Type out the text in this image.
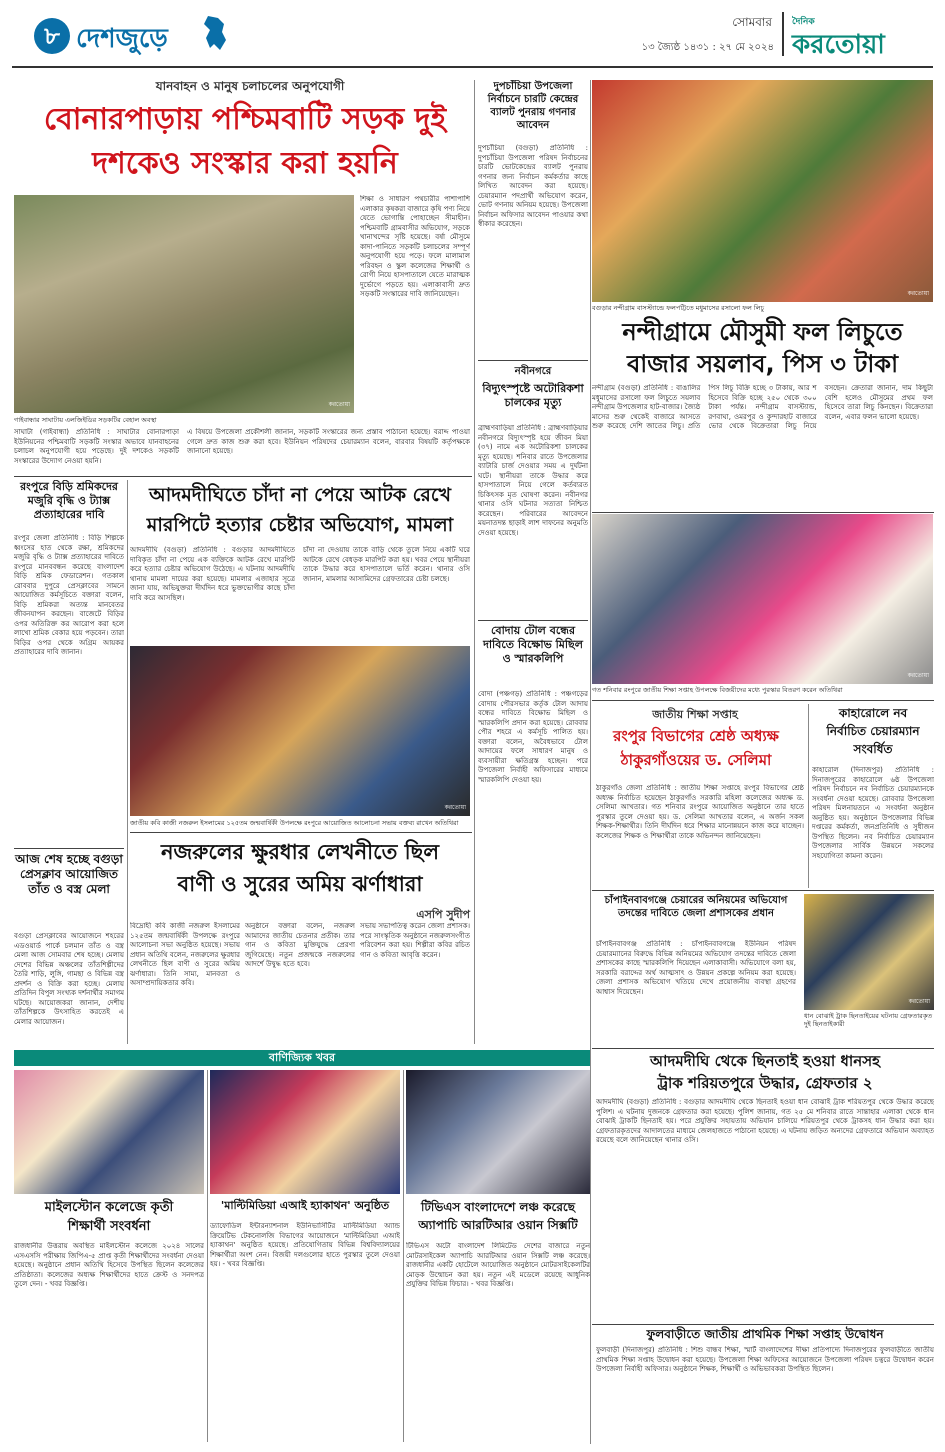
৮ দেশজুড়ে
সোমবার
১৩ জ্যৈষ্ঠ ১৪৩১ : ২৭ মে ২০২৪
দৈনিক
করতোয়া
যানবাহন ও মানুষ চলাচলের অনুপযোগী
বোনারপাড়ায় পশ্চিমবাটি সড়ক দুই
দশকেও সংস্কার করা হয়নি
করতোয়া
গাইবান্ধার সাঘাটায় এলজিইডির সড়কটির বেহাল অবস্থা
সাঘাটা (গাইবান্ধা) প্রতিনিধি : সাঘাটার বোনারপাড়া ইউনিয়নের পশ্চিমবাটি সড়কটি সংস্কার অভাবে যানবাহনের চলাচল অনুপযোগী হয়ে পড়েছে। দুই দশকেও সড়কটি সংস্কারের উদ্যোগ নেওয়া হয়নি।
শিক্ষা ও সাধারণ পথচারীর পাশাপাশি এলাকার কৃষকরা বাজারে কৃষি পণ্য নিয়ে যেতে ভোগান্তি পোহাচ্ছেন সীমাহীন। পশ্চিমবাটি গ্রামবাসীর অভিযোগ, সড়কে খানাখন্দের সৃষ্টি হয়েছে। বর্ষা মৌসুমে কাদা-পানিতে সড়কটি চলাচলের সম্পূর্ণ অনুপযোগী হয়ে পড়ে। ফলে মালামাল পরিবহন ও স্কুল কলেজের শিক্ষার্থী ও রোগী নিয়ে হাসপাতালে যেতে মারাত্মক দুর্ভোগে পড়তে হয়। এলাকাবাসী দ্রুত সড়কটি সংস্কারের দাবি জানিয়েছেন।
এ বিষয়ে উপজেলা প্রকৌশলী জানান, সড়কটি সংস্কারের জন্য প্রস্তাব পাঠানো হয়েছে। বরাদ্দ পাওয়া গেলে দ্রুত কাজ শুরু করা হবে। ইউনিয়ন পরিষদের চেয়ারম্যান বলেন, বারবার বিষয়টি কর্তৃপক্ষকে জানানো হয়েছে।
দুপচাঁচিয়া উপজেলা নির্বাচনে চারটি কেন্দ্রের ব্যালট পুনরায় গণনার আবেদন
দুপচাঁচিয়া (বগুড়া) প্রতিনিধি : দুপচাঁচিয়া উপজেলা পরিষদ নির্বাচনের চারটি ভোটকেন্দ্রের ব্যালট পুনরায় গণনার জন্য নির্বাচন কর্মকর্তার কাছে লিখিত আবেদন করা হয়েছে। চেয়ারম্যান পদপ্রার্থী অভিযোগ করেন, ভোট গণনায় অনিয়ম হয়েছে। উপজেলা নির্বাচন অফিসার আবেদন পাওয়ার কথা স্বীকার করেছেন।
করতোয়া
বগুড়ার নন্দীগ্রাম বাসস্ট্যান্ডে ফলপট্টিতে মধুমাসের রসালো ফল লিচু
নন্দীগ্রামে মৌসুমী ফল লিচুতে
বাজার সয়লাব, পিস ৩ টাকা
নন্দীগ্রাম (বগুড়া) প্রতিনিধি : বাঙালির মধুমাসের রসালো ফল লিচুতে সয়লাব নন্দীগ্রাম উপজেলার হাট-বাজার। জ্যৈষ্ঠ মাসের শুরু থেকেই বাজারে আসতে শুরু করেছে দেশি জাতের লিচু। প্রতি পিস লিচু বিক্রি হচ্ছে ৩ টাকায়, আর শ হিসেবে বিক্রি হচ্ছে ২৫০ থেকে ৩০০ টাকা পর্যন্ত। নন্দীগ্রাম বাসস্ট্যান্ড, রণবাঘা, ওমরপুর ও কুন্দারহাট বাজারে ভোর থেকে বিক্রেতারা লিচু নিয়ে বসছেন। ক্রেতারা জানান, দাম কিছুটা বেশি হলেও মৌসুমের প্রথম ফল হিসেবে তারা লিচু কিনছেন। বিক্রেতারা বলেন, এবার ফলন ভালো হয়েছে।
নবীনগরে
বিদ্যুৎস্পৃষ্টে অটোরিকশা চালকের মৃত্যু
ব্রাহ্মণবাড়িয়া প্রতিনিধি : ব্রাহ্মণবাড়িয়ার নবীনগরে বিদ্যুৎস্পৃষ্ট হয়ে জীবন মিয়া (৩৭) নামে এক অটোরিকশা চালকের মৃত্যু হয়েছে। শনিবার রাতে উপজেলার ব্যাটারি চার্জ দেওয়ার সময় এ দুর্ঘটনা ঘটে। স্থানীয়রা তাকে উদ্ধার করে হাসপাতালে নিয়ে গেলে কর্তব্যরত চিকিৎসক মৃত ঘোষণা করেন। নবীনগর থানার ওসি ঘটনার সত্যতা নিশ্চিত করেছেন। পরিবারের আবেদনে ময়নাতদন্ত ছাড়াই লাশ দাফনের অনুমতি দেওয়া হয়েছে।
রংপুরে বিড়ি শ্রমিকদের মজুরি বৃদ্ধি ও ট্যাক্স প্রত্যাহারের দাবি
রংপুর জেলা প্রতিনিধি : বিড়ি শিল্পকে ধ্বংসের হাত থেকে রক্ষা, শ্রমিকদের মজুরি বৃদ্ধি ও ট্যাক্স প্রত্যাহারের দাবিতে রংপুরে মানববন্ধন করেছে বাংলাদেশ বিড়ি শ্রমিক ফেডারেশন। গতকাল রোববার দুপুরে প্রেসক্লাবের সামনে আয়োজিত কর্মসূচিতে বক্তারা বলেন, বিড়ি শ্রমিকরা অত্যন্ত মানবেতর জীবনযাপন করছেন। বাজেটে বিড়ির ওপর অতিরিক্ত কর আরোপ করা হলে লাখো শ্রমিক বেকার হয়ে পড়বেন। তারা বিড়ির ওপর থেকে অগ্রিম আয়কর প্রত্যাহারের দাবি জানান।
আদমদীঘিতে চাঁদা না পেয়ে আটক রেখে
মারপিটে হত্যার চেষ্টার অভিযোগ, মামলা
আদমদীঘি (বগুড়া) প্রতিনিধি : বগুড়ার আদমদীঘিতে দাবিকৃত চাঁদা না পেয়ে এক ব্যক্তিকে আটক রেখে মারপিট করে হত্যার চেষ্টার অভিযোগ উঠেছে। এ ঘটনায় আদমদীঘি থানায় মামলা দায়ের করা হয়েছে। মামলার এজাহার সূত্রে জানা যায়, অভিযুক্তরা দীর্ঘদিন ধরে ভুক্তভোগীর কাছে চাঁদা দাবি করে আসছিল।
চাঁদা না দেওয়ায় তাকে বাড়ি থেকে তুলে নিয়ে একটি ঘরে আটকে রেখে বেধড়ক মারপিট করা হয়। খবর পেয়ে স্থানীয়রা তাকে উদ্ধার করে হাসপাতালে ভর্তি করেন। থানার ওসি জানান, মামলার আসামিদের গ্রেফতারের চেষ্টা চলছে।
করতোয়া
জাতীয় কবি কাজী নজরুল ইসলামের ১২৫তম জন্মবার্ষিকী উপলক্ষে রংপুরে আয়োজিত আলোচনা সভায় বক্তব্য রাখেন অতিথিরা
বোদায় টোল বন্ধের দাবিতে বিক্ষোভ মিছিল ও স্মারকলিপি
বোদা (পঞ্চগড়) প্রতিনিধি : পঞ্চগড়ের বোদায় পৌরসভার কর্তৃক টোল আদায় বন্ধের দাবিতে বিক্ষোভ মিছিল ও স্মারকলিপি প্রদান করা হয়েছে। রোববার পৌর শহরে এ কর্মসূচি পালিত হয়। বক্তারা বলেন, অবৈধভাবে টোল আদায়ের ফলে সাধারণ মানুষ ও ব্যবসায়ীরা ক্ষতিগ্রস্ত হচ্ছেন। পরে উপজেলা নির্বাহী অফিসারের মাধ্যমে স্মারকলিপি দেওয়া হয়।
করতোয়া
গত শনিবার রংপুরে জাতীয় শিক্ষা সপ্তাহ উপলক্ষে বিজয়ীদের মধ্যে পুরস্কার বিতরণ করেন অতিথিরা
জাতীয় শিক্ষা সপ্তাহ
রংপুর বিভাগের শ্রেষ্ঠ অধ্যক্ষ
ঠাকুরগাঁওয়ের ড. সেলিমা
ঠাকুরগাঁও জেলা প্রতিনিধি : জাতীয় শিক্ষা সপ্তাহে রংপুর বিভাগের শ্রেষ্ঠ অধ্যক্ষ নির্বাচিত হয়েছেন ঠাকুরগাঁও সরকারি মহিলা কলেজের অধ্যক্ষ ড. সেলিমা আখতার। গত শনিবার রংপুরে আয়োজিত অনুষ্ঠানে তার হাতে পুরস্কার তুলে দেওয়া হয়। ড. সেলিমা আখতার বলেন, এ অর্জন সকল শিক্ষক-শিক্ষার্থীর। তিনি দীর্ঘদিন ধরে শিক্ষার মানোন্নয়নে কাজ করে যাচ্ছেন। কলেজের শিক্ষক ও শিক্ষার্থীরা তাকে অভিনন্দন জানিয়েছেন।
কাহারোলে নব
নির্বাচিত চেয়ারম্যান
সংবর্ধিত
কাহারোল (দিনাজপুর) প্রতিনিধি : দিনাজপুরের কাহারোলে ৬ষ্ঠ উপজেলা পরিষদ নির্বাচনে নব নির্বাচিত চেয়ারম্যানকে সংবর্ধনা দেওয়া হয়েছে। রোববার উপজেলা পরিষদ মিলনায়তনে এ সংবর্ধনা অনুষ্ঠান অনুষ্ঠিত হয়। অনুষ্ঠানে উপজেলার বিভিন্ন দপ্তরের কর্মকর্তা, জনপ্রতিনিধি ও সুধীজন উপস্থিত ছিলেন। নব নির্বাচিত চেয়ারম্যান উপজেলার সার্বিক উন্নয়নে সকলের সহযোগিতা কামনা করেন।
চাঁপাইনবাবগঞ্জে চেয়ারের অনিয়মের অভিযোগ তদন্তের দাবিতে জেলা প্রশাসকের প্রধান
চাঁপাইনবাবগঞ্জ প্রতিনিধি : চাঁপাইনবাবগঞ্জে ইউনিয়ন পরিষদ চেয়ারম্যানের বিরুদ্ধে বিভিন্ন অনিয়মের অভিযোগ তদন্তের দাবিতে জেলা প্রশাসকের কাছে স্মারকলিপি দিয়েছেন এলাকাবাসী। অভিযোগে বলা হয়, সরকারি বরাদ্দের অর্থ আত্মসাৎ ও উন্নয়ন প্রকল্পে অনিয়ম করা হয়েছে। জেলা প্রশাসক অভিযোগ খতিয়ে দেখে প্রয়োজনীয় ব্যবস্থা গ্রহণের আশ্বাস দিয়েছেন।
করতোয়া
ধান বোঝাই ট্রাক ছিনতাইয়ের ঘটনায় গ্রেফতারকৃত দুই ছিনতাইকারী
আদমদীঘি থেকে ছিনতাই হওয়া ধানসহ
ট্রাক শরিয়তপুরে উদ্ধার, গ্রেফতার ২
আদমদীঘি (বগুড়া) প্রতিনিধি : বগুড়ার আদমদীঘি থেকে ছিনতাই হওয়া ধান বোঝাই ট্রাক শরিয়তপুর থেকে উদ্ধার করেছে পুলিশ। এ ঘটনায় দুজনকে গ্রেফতার করা হয়েছে। পুলিশ জানায়, গত ২৫ মে শনিবার রাতে সান্তাহার এলাকা থেকে ধান বোঝাই ট্রাকটি ছিনতাই হয়। পরে প্রযুক্তির সহায়তায় অভিযান চালিয়ে শরিয়তপুর থেকে ট্রাকসহ ধান উদ্ধার করা হয়। গ্রেফতারকৃতদের আদালতের মাধ্যমে জেলহাজতে পাঠানো হয়েছে। এ ঘটনায় জড়িত অন্যদের গ্রেফতারে অভিযান অব্যাহত রয়েছে বলে জানিয়েছেন থানার ওসি।
ফুলবাড়ীতে জাতীয় প্রাথমিক শিক্ষা সপ্তাহ উদ্বোধন
ফুলবাড়ী (দিনাজপুর) প্রতিনিধি : শিশু বান্ধব শিক্ষা, স্মার্ট বাংলাদেশের দীক্ষা প্রতিপাদ্যে দিনাজপুরের ফুলবাড়ীতে জাতীয় প্রাথমিক শিক্ষা সপ্তাহ উদ্বোধন করা হয়েছে। উপজেলা শিক্ষা অফিসের আয়োজনে উপজেলা পরিষদ চত্বরে উদ্বোধন করেন উপজেলা নির্বাহী অফিসার। অনুষ্ঠানে শিক্ষক, শিক্ষার্থী ও অভিভাবকরা উপস্থিত ছিলেন।
আজ শেষ হচ্ছে বগুড়া প্রেসক্লাব আয়োজিত তাঁত ও বস্ত্র মেলা
বগুড়া প্রেসক্লাবের আয়োজনে শহরের এডওয়ার্ড পার্কে চলমান তাঁত ও বস্ত্র মেলা আজ সোমবার শেষ হচ্ছে। মেলায় দেশের বিভিন্ন অঞ্চলের তাঁতশিল্পীদের তৈরি শাড়ি, লুঙ্গি, গামছা ও বিভিন্ন বস্ত্র প্রদর্শন ও বিক্রি করা হচ্ছে। মেলায় প্রতিদিন বিপুল সংখ্যক দর্শনার্থীর সমাগম ঘটছে। আয়োজকরা জানান, দেশীয় তাঁতশিল্পকে উৎসাহিত করতেই এ মেলার আয়োজন।
নজরুলের ক্ষুরধার লেখনীতে ছিল
বাণী ও সুরের অমিয় ঝর্ণাধারা
এসপি সুদীপ
বিদ্রোহী কবি কাজী নজরুল ইসলামের ১২৫তম জন্মবার্ষিকী উপলক্ষে রংপুরে আলোচনা সভা অনুষ্ঠিত হয়েছে। সভায় প্রধান অতিথি বলেন, নজরুলের ক্ষুরধার লেখনীতে ছিল বাণী ও সুরের অমিয় ঝর্ণাধারা। তিনি সাম্য, মানবতা ও অসাম্প্রদায়িকতার কবি।
অনুষ্ঠানে বক্তারা বলেন, নজরুল আমাদের জাতীয় চেতনার প্রতীক। তার গান ও কবিতা মুক্তিযুদ্ধে প্রেরণা জুগিয়েছে। নতুন প্রজন্মকে নজরুলের আদর্শে উদ্বুদ্ধ হতে হবে।
সভায় সভাপতিত্ব করেন জেলা প্রশাসক। পরে সাংস্কৃতিক অনুষ্ঠানে নজরুলসংগীত পরিবেশন করা হয়। শিল্পীরা কবির রচিত গান ও কবিতা আবৃত্তি করেন।
বাণিজ্যিক খবর
মাইলস্টোন কলেজে কৃতী
শিক্ষার্থী সংবর্ধনা
রাজধানীর উত্তরায় অবস্থিত মাইলস্টোন কলেজে ২০২৪ সালের এসএসসি পরীক্ষায় জিপিএ-৫ প্রাপ্ত কৃতী শিক্ষার্থীদের সংবর্ধনা দেওয়া হয়েছে। অনুষ্ঠানে প্রধান অতিথি হিসেবে উপস্থিত ছিলেন কলেজের প্রতিষ্ঠাতা। কলেজের অধ্যক্ষ শিক্ষার্থীদের হাতে ক্রেস্ট ও সনদপত্র তুলে দেন। - খবর বিজ্ঞপ্তি।
'মাল্টিমিডিয়া এআই হ্যাকাথন' অনুষ্ঠিত
ড্যাফোডিল ইন্টারন্যাশনাল ইউনিভার্সিটির মাল্টিমিডিয়া অ্যান্ড ক্রিয়েটিভ টেকনোলজি বিভাগের আয়োজনে 'মাল্টিমিডিয়া এআই হ্যাকাথন' অনুষ্ঠিত হয়েছে। প্রতিযোগিতায় বিভিন্ন বিশ্ববিদ্যালয়ের শিক্ষার্থীরা অংশ নেন। বিজয়ী দলগুলোর হাতে পুরস্কার তুলে দেওয়া হয়। - খবর বিজ্ঞপ্তি।
টিভিএস বাংলাদেশে লঞ্চ করেছে
অ্যাপাচি আরটিআর ওয়ান সিক্সটি
টিভিএস অটো বাংলাদেশ লিমিটেড দেশের বাজারে নতুন মোটরসাইকেল অ্যাপাচি আরটিআর ওয়ান সিক্সটি লঞ্চ করেছে। রাজধানীর একটি হোটেলে আয়োজিত অনুষ্ঠানে মোটরসাইকেলটির মোড়ক উন্মোচন করা হয়। নতুন এই মডেলে রয়েছে আধুনিক প্রযুক্তির বিভিন্ন ফিচার। - খবর বিজ্ঞপ্তি।
